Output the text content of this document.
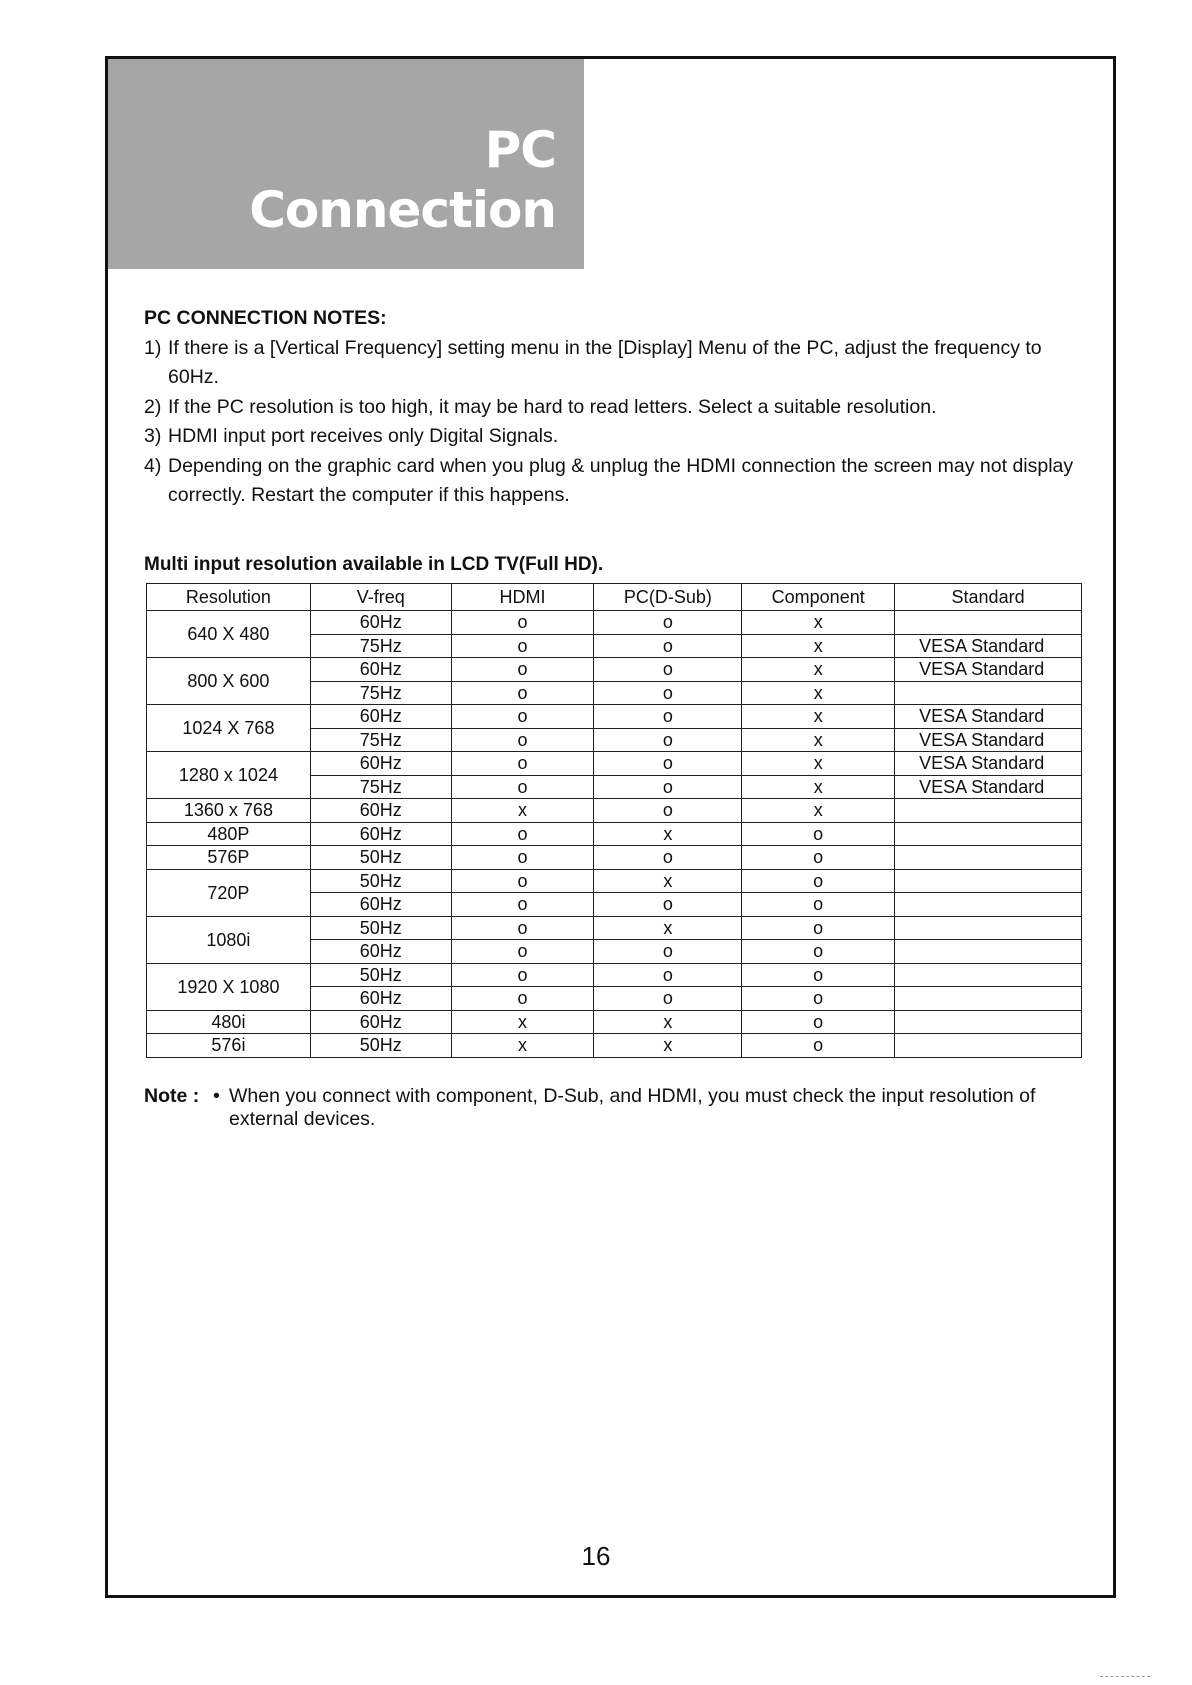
PC
Connection
PC CONNECTION NOTES:
1) If there is a [Vertical Frequency] setting menu in the [Display] Menu of the PC, adjust the frequency to 60Hz.
2) If the PC resolution is too high, it may be hard to read letters. Select a suitable resolution.
3) HDMI input port receives only Digital Signals.
4) Depending on the graphic card when you plug & unplug the HDMI connection the screen may not display correctly. Restart the computer if this happens.
Multi input resolution available in LCD TV(Full HD).
Resolution	V-freq	HDMI	PC(D-Sub)	Component	Standard
640 X 480	60Hz	o	o	x	
	75Hz	o	o	x	VESA Standard
800 X 600	60Hz	o	o	x	VESA Standard
	75Hz	o	o	x	
1024 X 768	60Hz	o	o	x	VESA Standard
	75Hz	o	o	x	VESA Standard
1280 x 1024	60Hz	o	o	x	VESA Standard
	75Hz	o	o	x	VESA Standard
1360 x 768	60Hz	x	o	x	
480P	60Hz	o	x	o	
576P	50Hz	o	o	o	
720P	50Hz	o	x	o	
	60Hz	o	o	o	
1080i	50Hz	o	x	o	
	60Hz	o	o	o	
1920 X 1080	50Hz	o	o	o	
	60Hz	o	o	o	
480i	60Hz	x	x	o	
576i	50Hz	x	x	o	
Note : • When you connect with component, D-Sub, and HDMI, you must check the input resolution of external devices.
16
